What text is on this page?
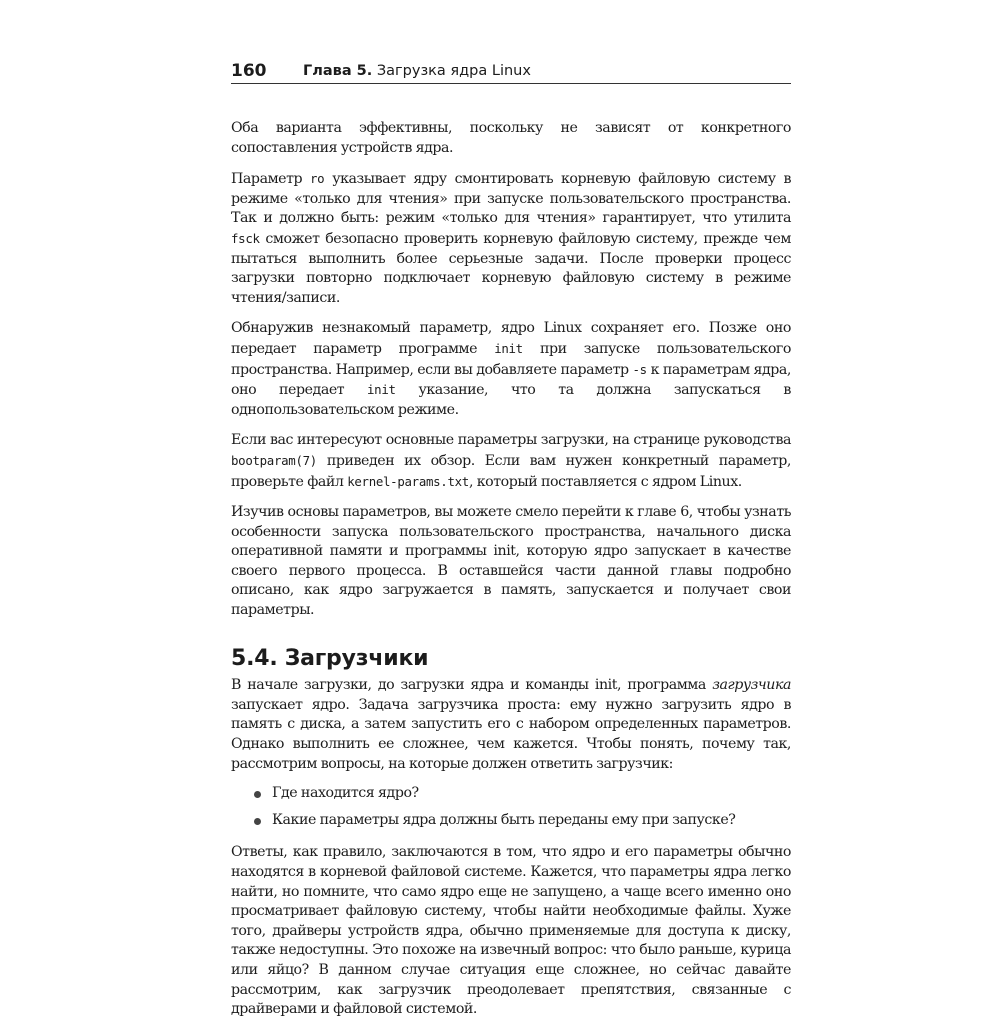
160	Глава 5. Загрузка ядра Linux

Оба варианта эффективны, поскольку не зависят от конкретного сопоставления устройств ядра.

Параметр ro указывает ядру смонтировать корневую файловую систему в режиме «только для чтения» при запуске пользовательского пространства. Так и должно быть: режим «только для чтения» гарантирует, что утилита fsck сможет безопасно проверить корневую файловую систему, прежде чем пытаться выполнить более серьезные задачи. После проверки процесс загрузки повторно подключает корневую файловую систему в режиме чтения/записи.

Обнаружив незнакомый параметр, ядро Linux сохраняет его. Позже оно передает параметр программе init при запуске пользовательского пространства. Например, если вы добавляете параметр -s к параметрам ядра, оно передает init указание, что та должна запускаться в однопользовательском режиме.

Если вас интересуют основные параметры загрузки, на странице руководства bootparam(7) приведен их обзор. Если вам нужен конкретный параметр, проверьте файл kernel-params.txt, который поставляется с ядром Linux.

Изучив основы параметров, вы можете смело перейти к главе 6, чтобы узнать особенности запуска пользовательского пространства, начального диска оперативной памяти и программы init, которую ядро запускает в качестве своего первого процесса. В оставшейся части данной главы подробно описано, как ядро загружается в память, запускается и получает свои параметры.

5.4. Загрузчики

В начале загрузки, до загрузки ядра и команды init, программа загрузчика запускает ядро. Задача загрузчика проста: ему нужно загрузить ядро в память с диска, а затем запустить его с набором определенных параметров. Однако выполнить ее сложнее, чем кажется. Чтобы понять, почему так, рассмотрим вопросы, на которые должен ответить загрузчик:

Где находится ядро?
Какие параметры ядра должны быть переданы ему при запуске?

Ответы, как правило, заключаются в том, что ядро и его параметры обычно находятся в корневой файловой системе. Кажется, что параметры ядра легко найти, но помните, что само ядро еще не запущено, а чаще всего именно оно просматривает файловую систему, чтобы найти необходимые файлы. Хуже того, драйверы устройств ядра, обычно применяемые для доступа к диску, также недоступны. Это похоже на извечный вопрос: что было раньше, курица или яйцо? В данном случае ситуация еще сложнее, но сейчас давайте рассмотрим, как загрузчик преодолевает препятствия, связанные с драйверами и файловой системой.
